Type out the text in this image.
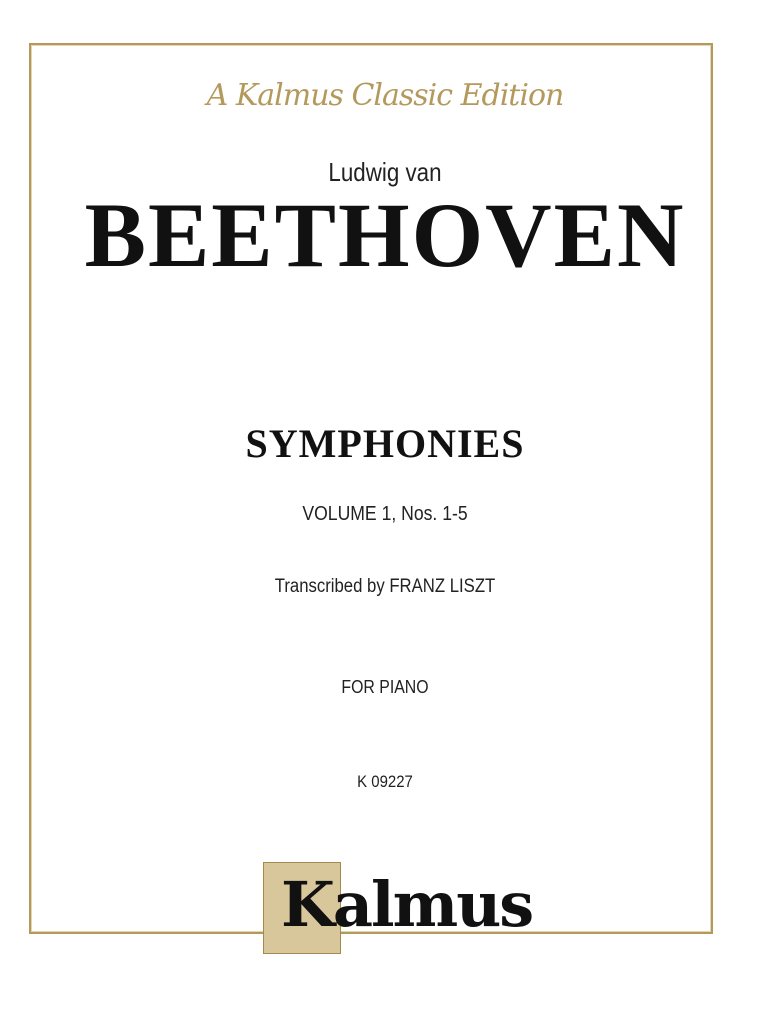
A Kalmus Classic Edition
Ludwig van
BEETHOVEN
SYMPHONIES
VOLUME 1, Nos. 1-5
Transcribed by FRANZ LISZT
FOR PIANO
K 09227
Kalmus
